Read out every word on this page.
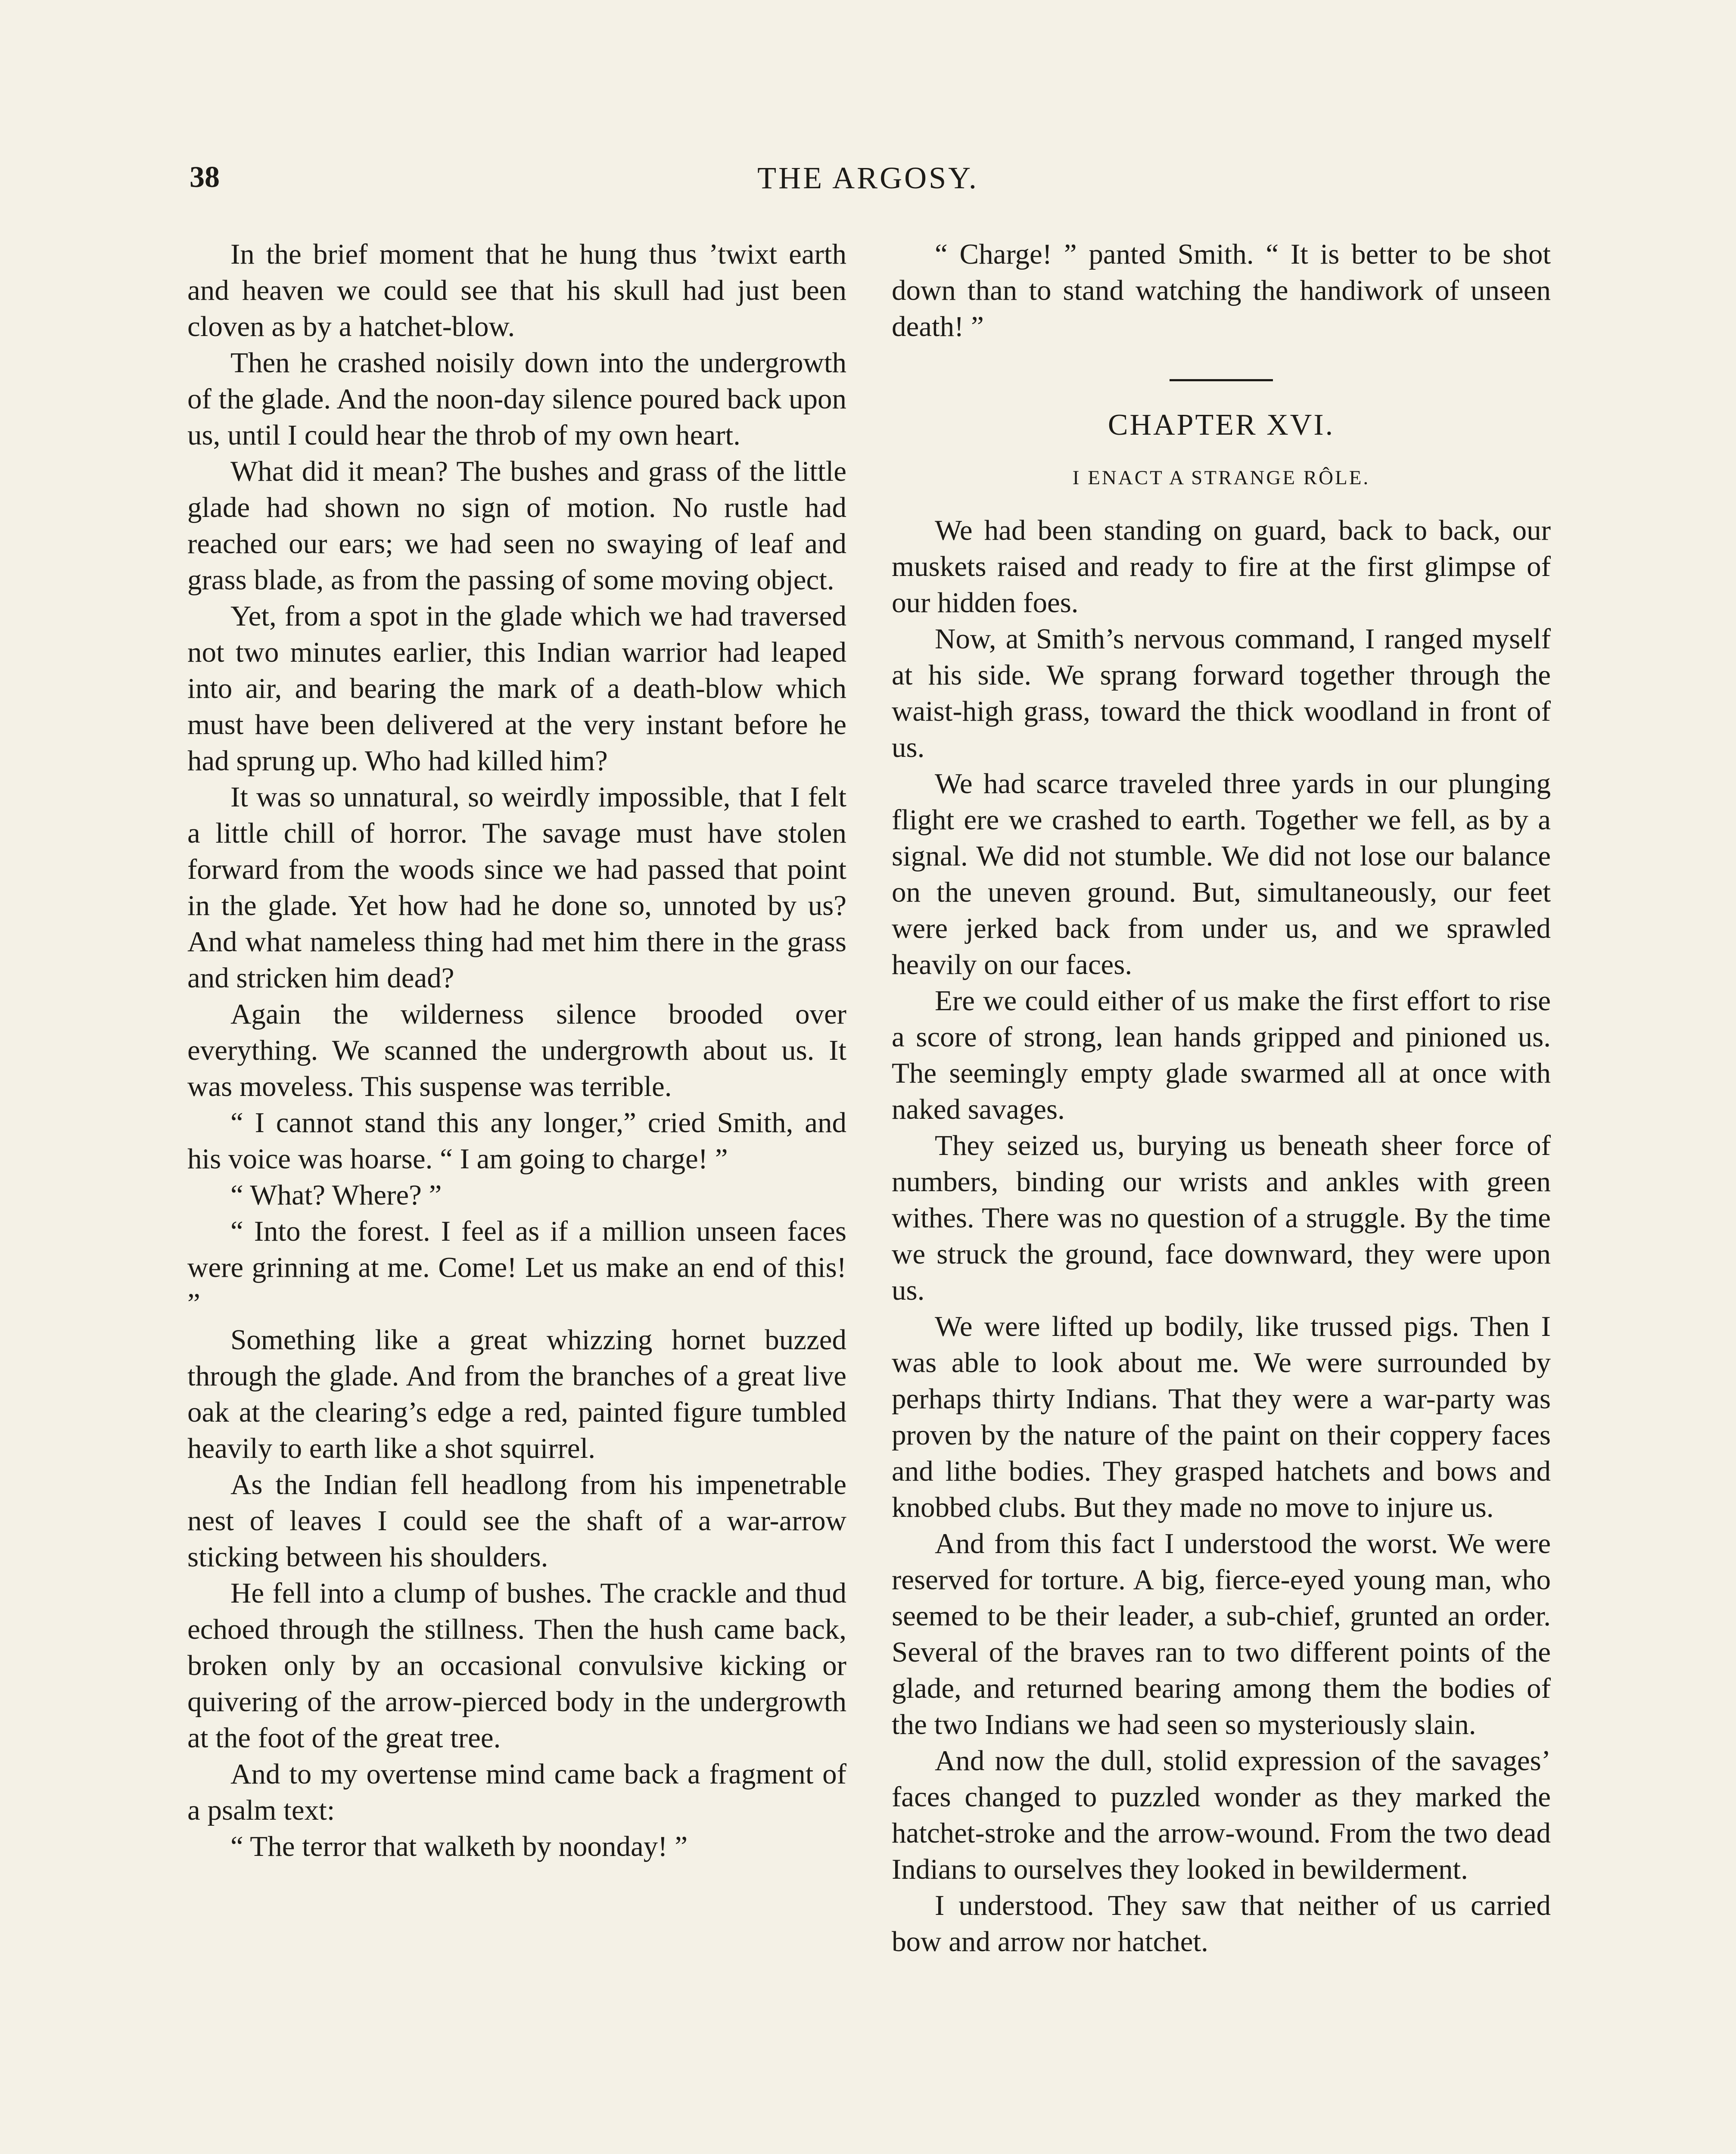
38	THE ARGOSY.

In the brief moment that he hung thus ’twixt earth and heaven we could see that his skull had just been cloven as by a hatchet-blow.

Then he crashed noisily down into the undergrowth of the glade. And the noon-day silence poured back upon us, until I could hear the throb of my own heart.

What did it mean? The bushes and grass of the little glade had shown no sign of motion. No rustle had reached our ears; we had seen no swaying of leaf and grass blade, as from the passing of some moving object.

Yet, from a spot in the glade which we had traversed not two minutes earlier, this Indian warrior had leaped into air, and bearing the mark of a death-blow which must have been delivered at the very instant before he had sprung up. Who had killed him?

It was so unnatural, so weirdly impossible, that I felt a little chill of horror. The savage must have stolen forward from the woods since we had passed that point in the glade. Yet how had he done so, unnoted by us? And what nameless thing had met him there in the grass and stricken him dead?

Again the wilderness silence brooded over everything. We scanned the undergrowth about us. It was moveless. This suspense was terrible.

“ I cannot stand this any longer,” cried Smith, and his voice was hoarse. “ I am going to charge! ”

“ What? Where? ”

“ Into the forest. I feel as if a million unseen faces were grinning at me. Come! Let us make an end of this! ”

Something like a great whizzing hornet buzzed through the glade. And from the branches of a great live oak at the clearing’s edge a red, painted figure tumbled heavily to earth like a shot squirrel.

As the Indian fell headlong from his impenetrable nest of leaves I could see the shaft of a war-arrow sticking between his shoulders.

He fell into a clump of bushes. The crackle and thud echoed through the stillness. Then the hush came back, broken only by an occasional convulsive kicking or quivering of the arrow-pierced body in the undergrowth at the foot of the great tree.

And to my overtense mind came back a fragment of a psalm text:

“ The terror that walketh by noonday! ”

“ Charge! ” panted Smith. “ It is better to be shot down than to stand watching the handiwork of unseen death! ”

CHAPTER XVI.
I ENACT A STRANGE RÔLE.

We had been standing on guard, back to back, our muskets raised and ready to fire at the first glimpse of our hidden foes.

Now, at Smith’s nervous command, I ranged myself at his side. We sprang forward together through the waist-high grass, toward the thick woodland in front of us.

We had scarce traveled three yards in our plunging flight ere we crashed to earth. Together we fell, as by a signal. We did not stumble. We did not lose our balance on the uneven ground. But, simultaneously, our feet were jerked back from under us, and we sprawled heavily on our faces.

Ere we could either of us make the first effort to rise a score of strong, lean hands gripped and pinioned us. The seemingly empty glade swarmed all at once with naked savages.

They seized us, burying us beneath sheer force of numbers, binding our wrists and ankles with green withes. There was no question of a struggle. By the time we struck the ground, face downward, they were upon us.

We were lifted up bodily, like trussed pigs. Then I was able to look about me. We were surrounded by perhaps thirty Indians. That they were a war-party was proven by the nature of the paint on their coppery faces and lithe bodies. They grasped hatchets and bows and knobbed clubs. But they made no move to injure us.

And from this fact I understood the worst. We were reserved for torture. A big, fierce-eyed young man, who seemed to be their leader, a sub-chief, grunted an order. Several of the braves ran to two different points of the glade, and returned bearing among them the bodies of the two Indians we had seen so mysteriously slain.

And now the dull, stolid expression of the savages’ faces changed to puzzled wonder as they marked the hatchet-stroke and the arrow-wound. From the two dead Indians to ourselves they looked in bewilderment.

I understood. They saw that neither of us carried bow and arrow nor hatchet.
